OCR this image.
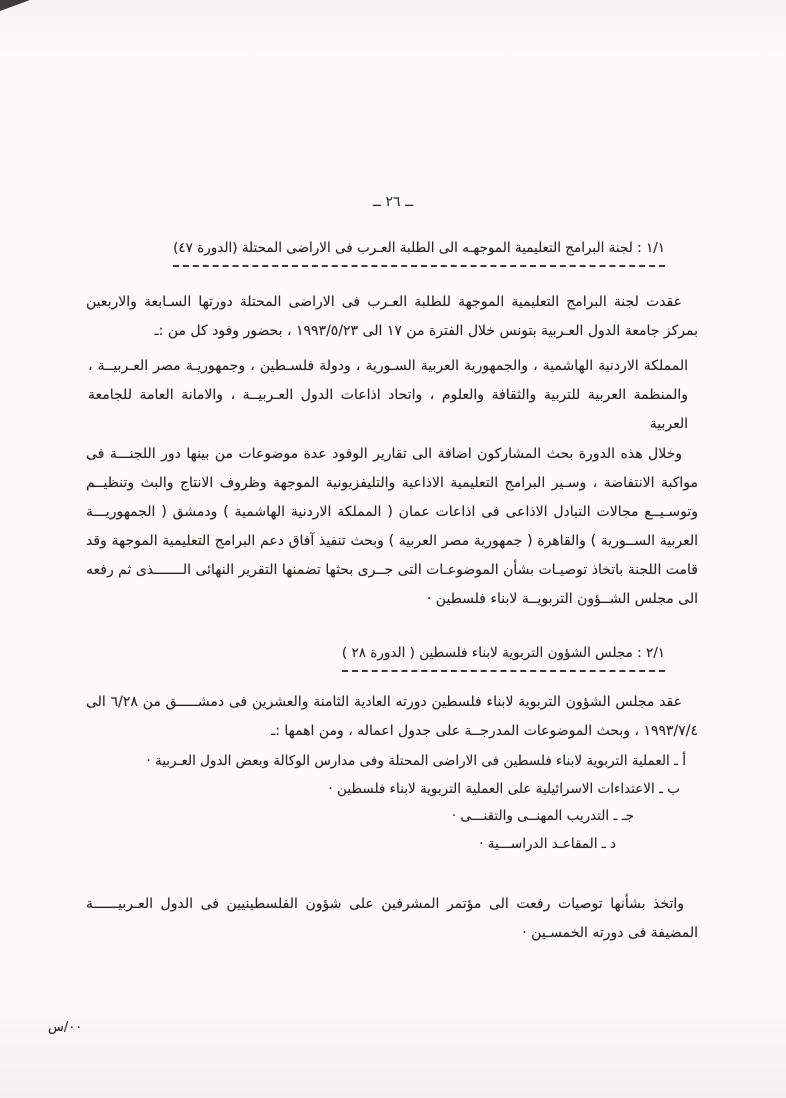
ــ ٢٦ ــ
١/١ : لجنة البرامج التعليمية الموجهـه الى الطلبة العـرب فى الاراضى المحتلة (الدورة ٤٧)
عقدت لجنة البرامج التعليمية الموجهة للطلبة العـرب فى الاراضى المحتلة دورتها السـابعة والاربعين بمركز جامعة الدول العـربية بتونس خلال الفترة من ١٧ الى ١٩٩٣/٥/٢٣ ، بحضور وفود كل من :ـ
المملكة الاردنية الهاشمية ، والجمهورية العربية السـورية ، ودولة فلسـطين ، وجمهوريـة مصر العـربيــة ، والمنظمة العربية للتربية والثقافة والعلوم ، واتحاد اذاعات الدول العـربيــة ، والامانة العامة للجامعة العربية
وخلال هذه الدورة بحث المشاركون اضافة الى تقارير الوفود عدة موضوعات من بينها دور اللجنـــة فى مواكبة الانتفاضة ، وسـير البرامج التعليمية الاذاعية والتليفزيونية الموجهة وظروف الانتاج والبث وتنظيــم وتوسـيــع مجالات التبادل الاذاعى فى اذاعات عمان ( المملكة الاردنية الهاشمية ) ودمشق ( الجمهوريـــة العربية الســورية ) والقاهرة ( جمهورية مصر العربية ) وبحث تنفيذ آفاق دعم البرامج التعليمية الموجهة وقد قامت اللجنة باتخاذ توصيـات بشأن الموضوعـات التى جــرى بحثها تضمنها التقرير النهائى الـــــــذى ثم رفعه الى مجلس الشــؤون التربويــة لابناء فلسطين ·
٢/١ : مجلس الشؤون التربوية لابناء فلسطين ( الدورة ٢٨ )
عقد مجلس الشؤون التربوية لابناء فلسطين دورته العادية الثامنة والعشرين فى دمشـــــق من ٦/٢٨ الى ١٩٩٣/٧/٤ ، وبحث الموضوعات المدرجــة على جدول اعماله ، ومن اهمها :ـ
أ ـ العملية التربوية لابناء فلسطين فى الاراضى المحتلة وفى مدارس الوكالة وبعض الدول العـربية ·
ب ـ الاعتداءات الاسرائيلية على العملية التربوية لابناء فلسطين ·
جـ ـ التدريب المهنــى والتقنـــى ·
د ـ المقاعـد الدراســـية ·
واتخذ بشأنها توصيات رفعت الى مؤتمر المشرفين على شؤون الفلسطينيين فى الدول العـربيــــــة المضيفة فى دورته الخمسـين ·
٠٠/س
